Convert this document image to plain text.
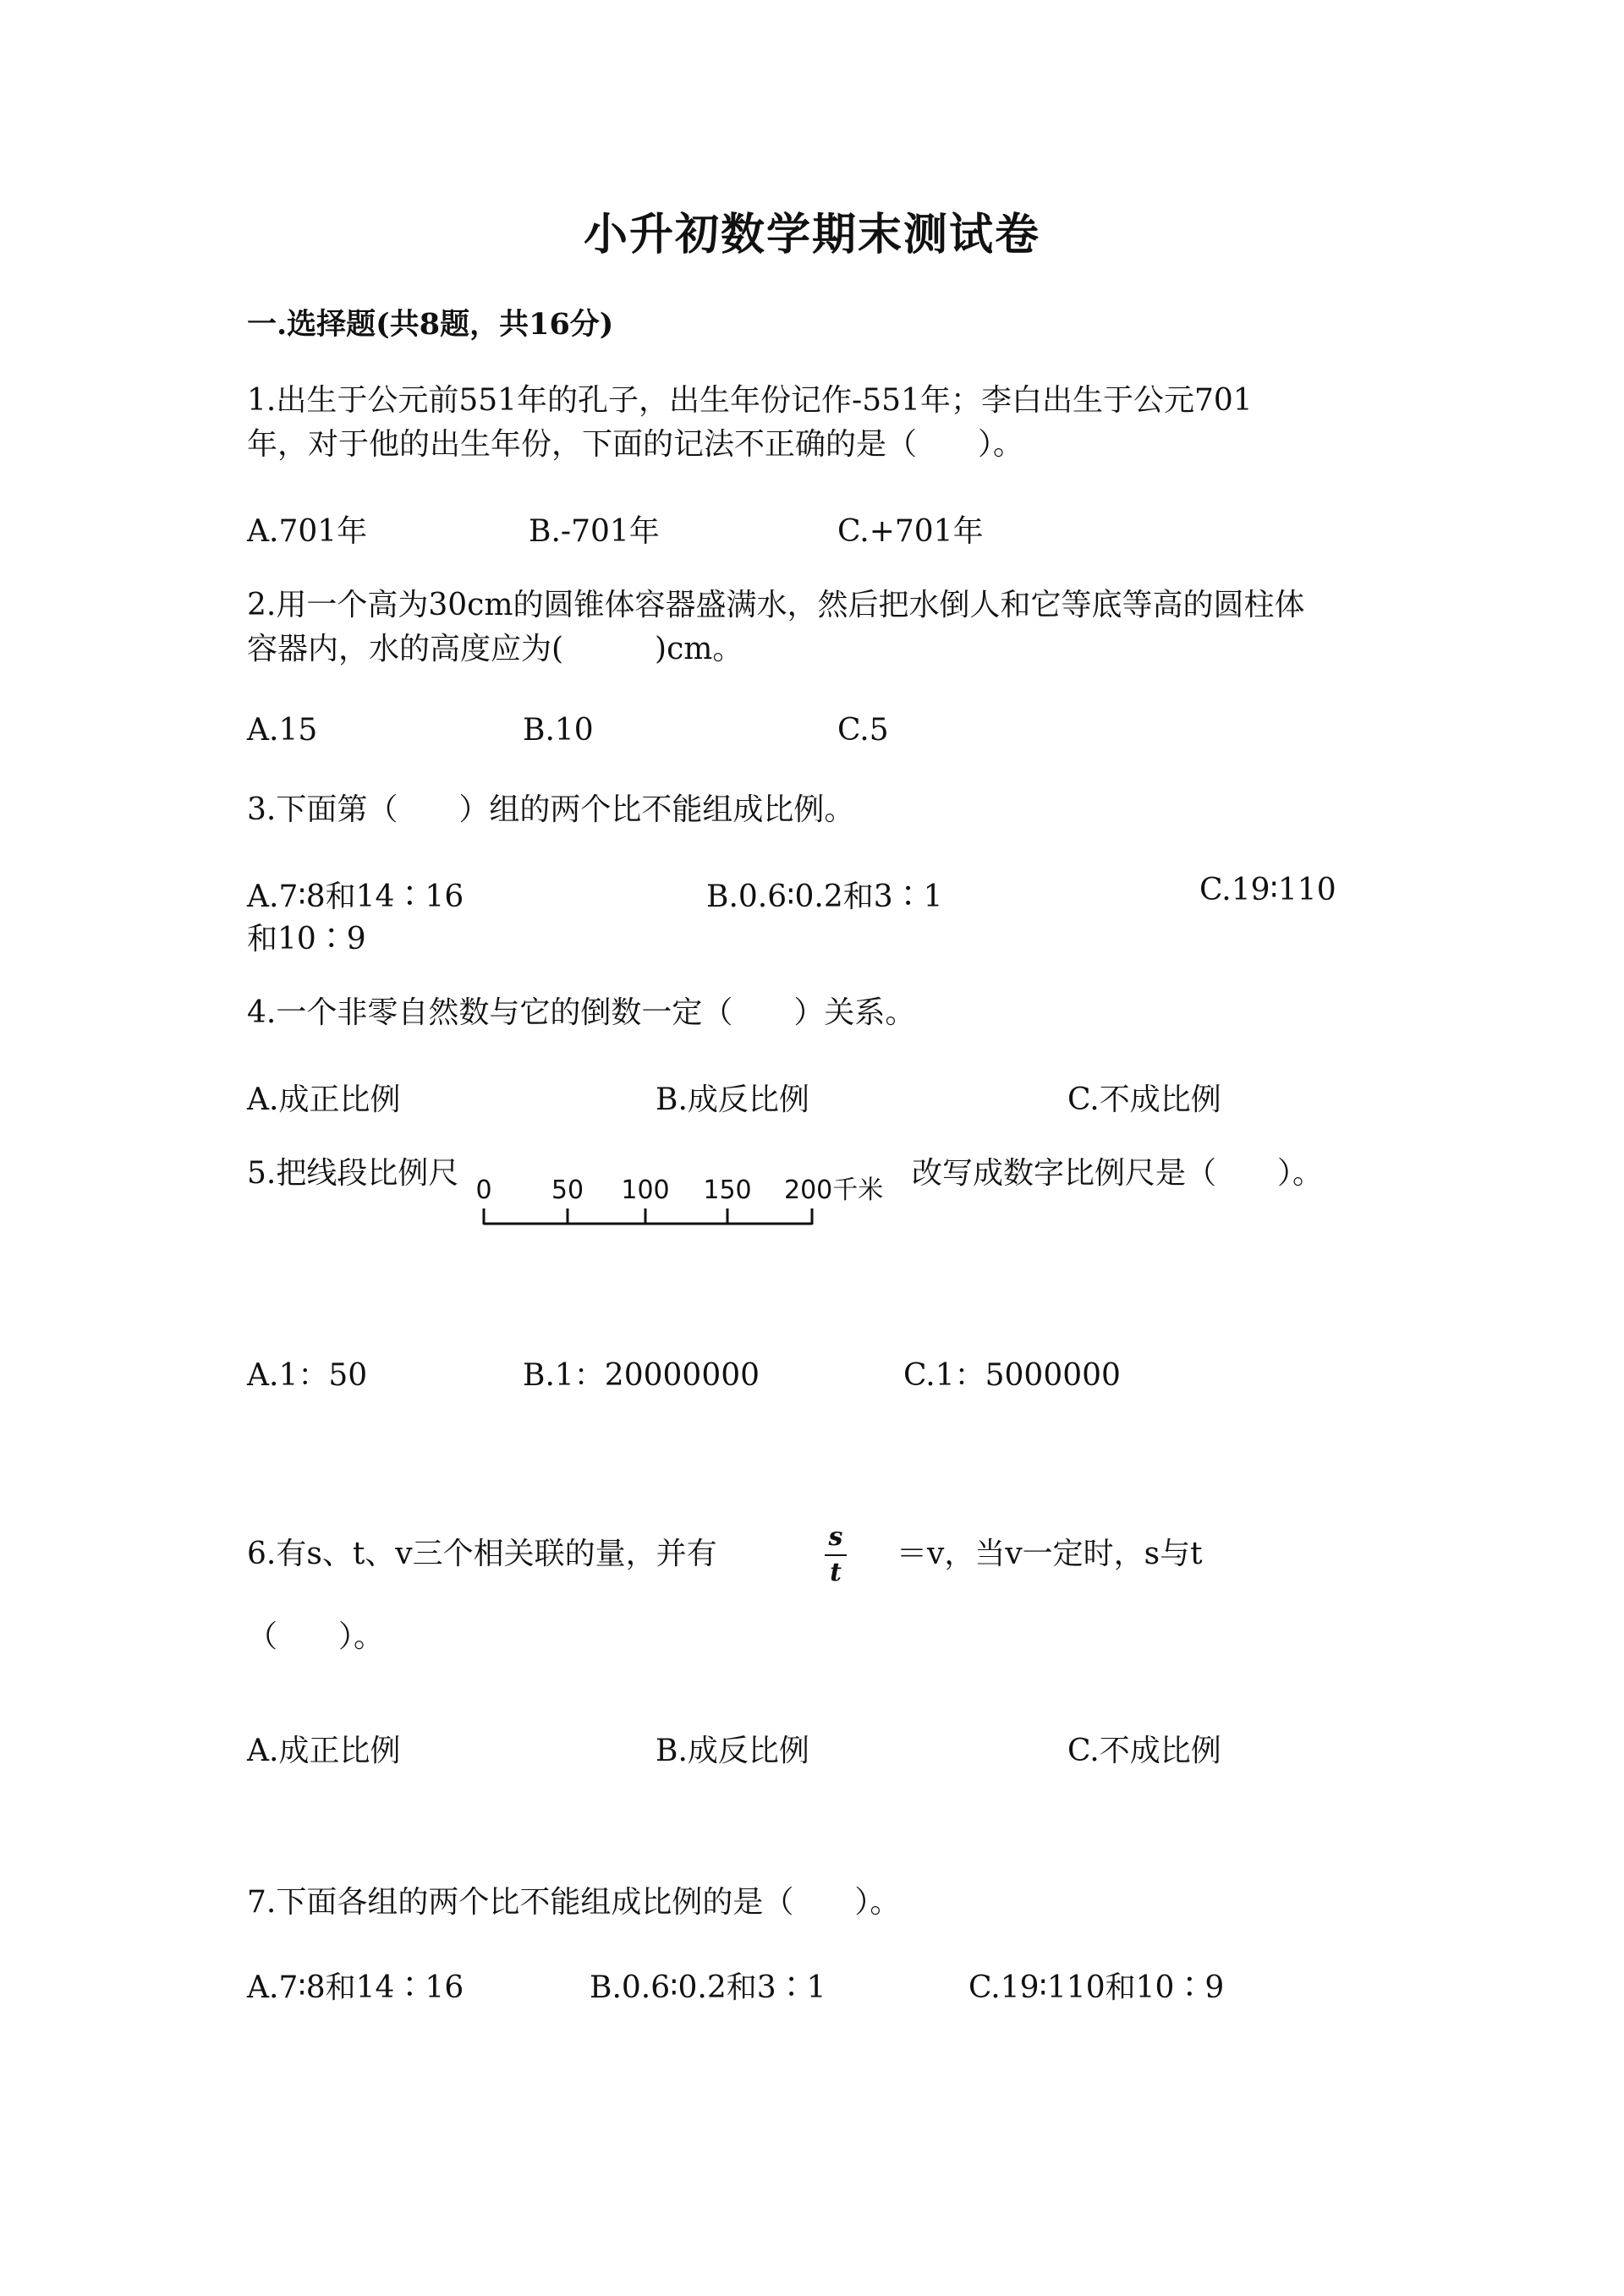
小升初数学期末测试卷
一.选择题(共8题，共16分)
1.出生于公元前551年的孔子，出生年份记作-551年；李白出生于公元701
年，对于他的出生年份，下面的记法不正确的是（　　）。
A.701年	B.-701年	C.+701年
2.用一个高为30cm的圆锥体容器盛满水，然后把水倒人和它等底等高的圆柱体
容器内，水的高度应为(　　　)cm。
A.15	B.10	C.5
3.下面第（　　）组的两个比不能组成比例。
A.7∶8和14∶16	B.0.6∶0.2和3∶1	C.19∶110
和10∶9
4.一个非零自然数与它的倒数一定（　　）关系。
A.成正比例	B.成反比例	C.不成比例
5.把线段比例尺 0 50 100 150 200千米 改写成数字比例尺是（　　）。
A.1：50	B.1：20000000	C.1：5000000
6.有s、t、v三个相关联的量，并有	s
t
＝v，当v一定时，s与t
（　　）。
A.成正比例	B.成反比例	C.不成比例
7.下面各组的两个比不能组成比例的是（　　）。
A.7∶8和14∶16	B.0.6∶0.2和3∶1	C.19∶110和10∶9
